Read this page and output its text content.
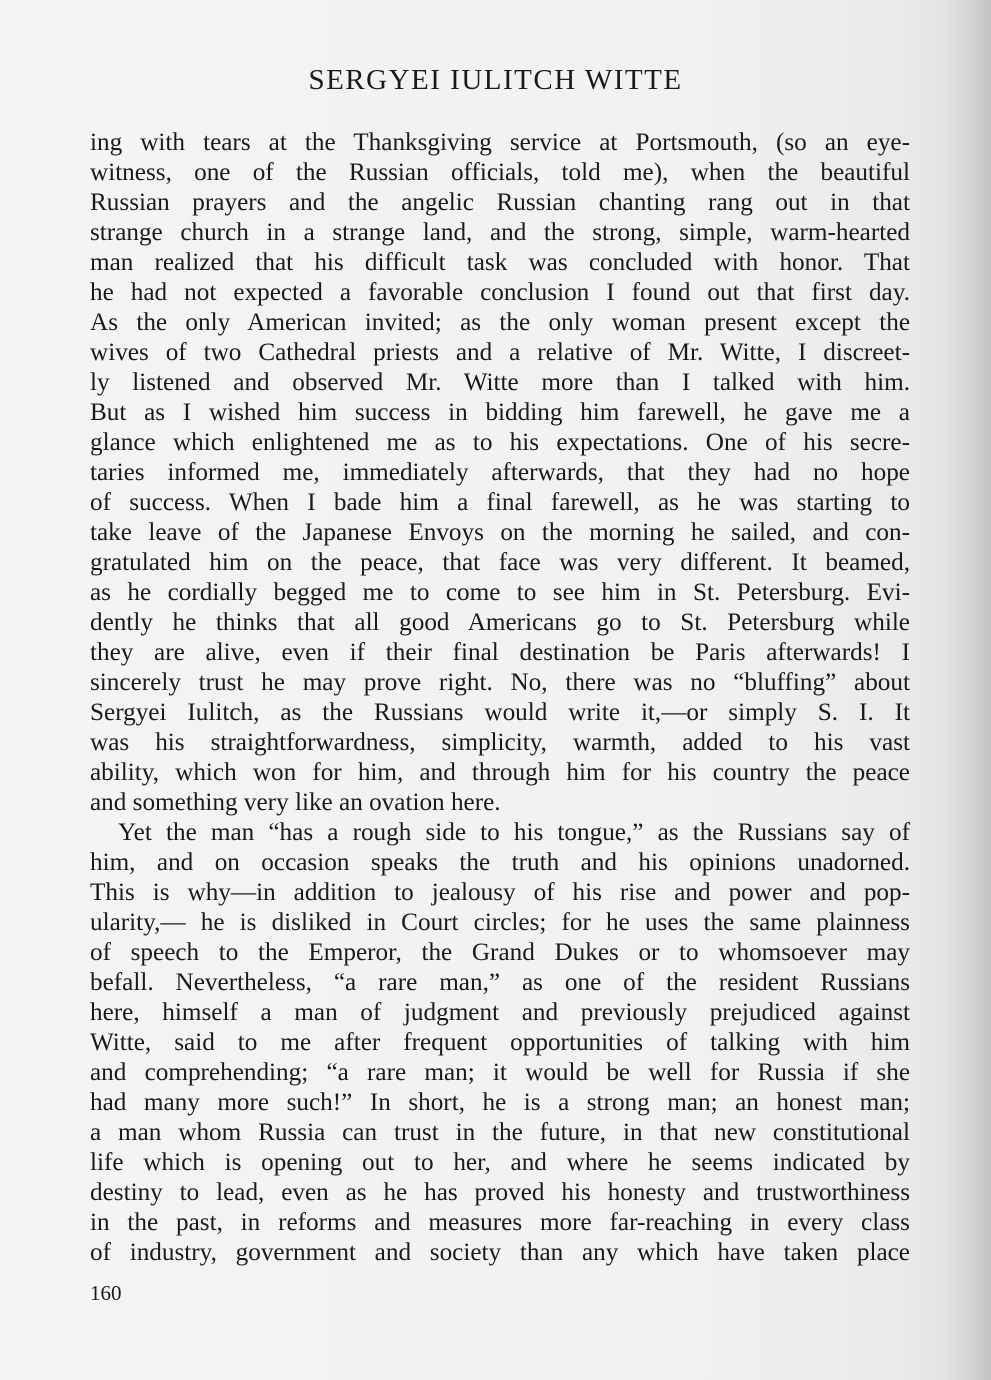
SERGYEI IULITCH WITTE
ing with tears at the Thanksgiving service at Portsmouth, (so an eye-
witness, one of the Russian officials, told me), when the beautiful
Russian prayers and the angelic Russian chanting rang out in that
strange church in a strange land, and the strong, simple, warm-hearted
man realized that his difficult task was concluded with honor. That
he had not expected a favorable conclusion I found out that first day.
As the only American invited; as the only woman present except the
wives of two Cathedral priests and a relative of Mr. Witte, I discreet-
ly listened and observed Mr. Witte more than I talked with him.
But as I wished him success in bidding him farewell, he gave me a
glance which enlightened me as to his expectations. One of his secre-
taries informed me, immediately afterwards, that they had no hope
of success. When I bade him a final farewell, as he was starting to
take leave of the Japanese Envoys on the morning he sailed, and con-
gratulated him on the peace, that face was very different. It beamed,
as he cordially begged me to come to see him in St. Petersburg. Evi-
dently he thinks that all good Americans go to St. Petersburg while
they are alive, even if their final destination be Paris afterwards! I
sincerely trust he may prove right. No, there was no “bluffing” about
Sergyei Iulitch, as the Russians would write it,—or simply S. I. It
was his straightforwardness, simplicity, warmth, added to his vast
ability, which won for him, and through him for his country the peace
and something very like an ovation here.
Yet the man “has a rough side to his tongue,” as the Russians say of
him, and on occasion speaks the truth and his opinions unadorned.
This is why—in addition to jealousy of his rise and power and pop-
ularity,— he is disliked in Court circles; for he uses the same plainness
of speech to the Emperor, the Grand Dukes or to whomsoever may
befall. Nevertheless, “a rare man,” as one of the resident Russians
here, himself a man of judgment and previously prejudiced against
Witte, said to me after frequent opportunities of talking with him
and comprehending; “a rare man; it would be well for Russia if she
had many more such!” In short, he is a strong man; an honest man;
a man whom Russia can trust in the future, in that new constitutional
life which is opening out to her, and where he seems indicated by
destiny to lead, even as he has proved his honesty and trustworthiness
in the past, in reforms and measures more far-reaching in every class
of industry, government and society than any which have taken place

160
